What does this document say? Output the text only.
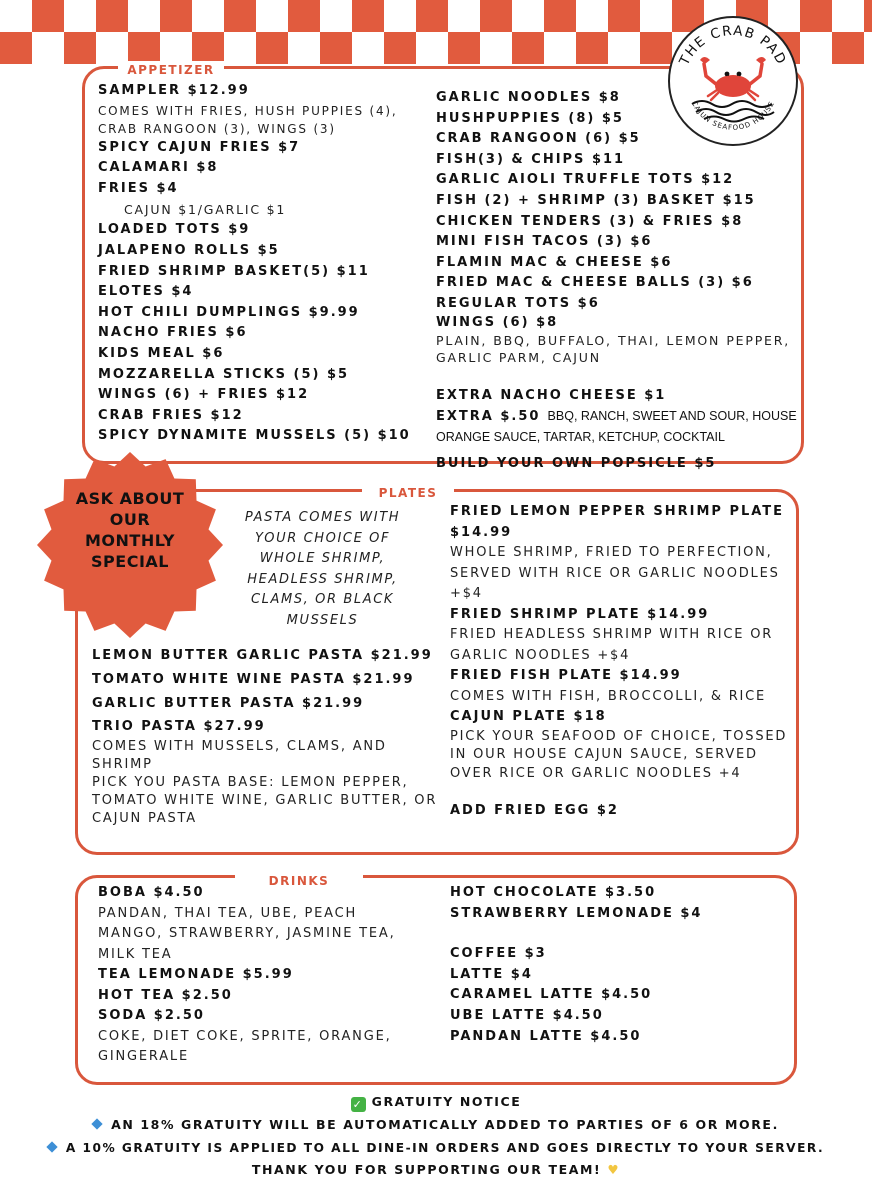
APPETIZER
SAMPLER $12.99
COMES WITH FRIES, HUSH PUPPIES (4), CRAB RANGOON (3), WINGS (3)
SPICY CAJUN FRIES $7
CALAMARI $8
FRIES $4
CAJUN $1/GARLIC $1
LOADED TOTS $9
JALAPENO ROLLS $5
FRIED SHRIMP BASKET(5) $11
ELOTES $4
HOT CHILI DUMPLINGS $9.99
NACHO FRIES $6
KIDS MEAL $6
MOZZARELLA STICKS (5) $5
WINGS (6) + FRIES $12
CRAB FRIES $12
SPICY DYNAMITE MUSSELS (5) $10
GARLIC NOODLES $8
HUSHPUPPIES (8) $5
CRAB RANGOON (6) $5
FISH(3) & CHIPS $11
GARLIC AIOLI TRUFFLE TOTS $12
FISH (2) + SHRIMP (3) BASKET $15
CHICKEN TENDERS (3) & FRIES $8
MINI FISH TACOS (3) $6
FLAMIN MAC & CHEESE $6
FRIED MAC & CHEESE BALLS (3) $6
REGULAR TOTS $6
WINGS (6) $8
PLAIN, BBQ, BUFFALO, THAI, LEMON PEPPER, GARLIC PARM, CAJUN
EXTRA NACHO CHEESE $1
EXTRA $.50 BBQ, RANCH, SWEET AND SOUR, HOUSE
ORANGE SAUCE, TARTAR, KETCHUP, COCKTAIL
BUILD YOUR OWN POPSICLE $5
THE CRAB PAD
CAJUN SEAFOOD HOUSE
PLATES
ASK ABOUT OUR MONTHLY SPECIAL
PASTA COMES WITH YOUR CHOICE OF WHOLE SHRIMP, HEADLESS SHRIMP, CLAMS, OR BLACK MUSSELS
LEMON BUTTER GARLIC PASTA $21.99
TOMATO WHITE WINE PASTA $21.99
GARLIC BUTTER PASTA $21.99
TRIO PASTA $27.99
COMES WITH MUSSELS, CLAMS, AND SHRIMP
PICK YOU PASTA BASE: LEMON PEPPER, TOMATO WHITE WINE, GARLIC BUTTER, OR CAJUN PASTA
FRIED LEMON PEPPER SHRIMP PLATE $14.99
WHOLE SHRIMP, FRIED TO PERFECTION, SERVED WITH RICE OR GARLIC NOODLES +$4
FRIED SHRIMP PLATE $14.99
FRIED HEADLESS SHRIMP WITH RICE OR GARLIC NOODLES +$4
FRIED FISH PLATE $14.99
COMES WITH FISH, BROCCOLLI, & RICE
CAJUN PLATE $18
PICK YOUR SEAFOOD OF CHOICE, TOSSED IN OUR HOUSE CAJUN SAUCE, SERVED OVER RICE OR GARLIC NOODLES +4
ADD FRIED EGG $2
DRINKS
BOBA $4.50
PANDAN, THAI TEA, UBE, PEACH MANGO, STRAWBERRY, JASMINE TEA, MILK TEA
TEA LEMONADE $5.99
HOT TEA $2.50
SODA $2.50
COKE, DIET COKE, SPRITE, ORANGE, GINGERALE
HOT CHOCOLATE $3.50
STRAWBERRY LEMONADE $4
COFFEE $3
LATTE $4
CARAMEL LATTE $4.50
UBE LATTE $4.50
PANDAN LATTE $4.50
✓ GRATUITY NOTICE
AN 18% GRATUITY WILL BE AUTOMATICALLY ADDED TO PARTIES OF 6 OR MORE.
A 10% GRATUITY IS APPLIED TO ALL DINE-IN ORDERS AND GOES DIRECTLY TO YOUR SERVER.
THANK YOU FOR SUPPORTING OUR TEAM! ♥
